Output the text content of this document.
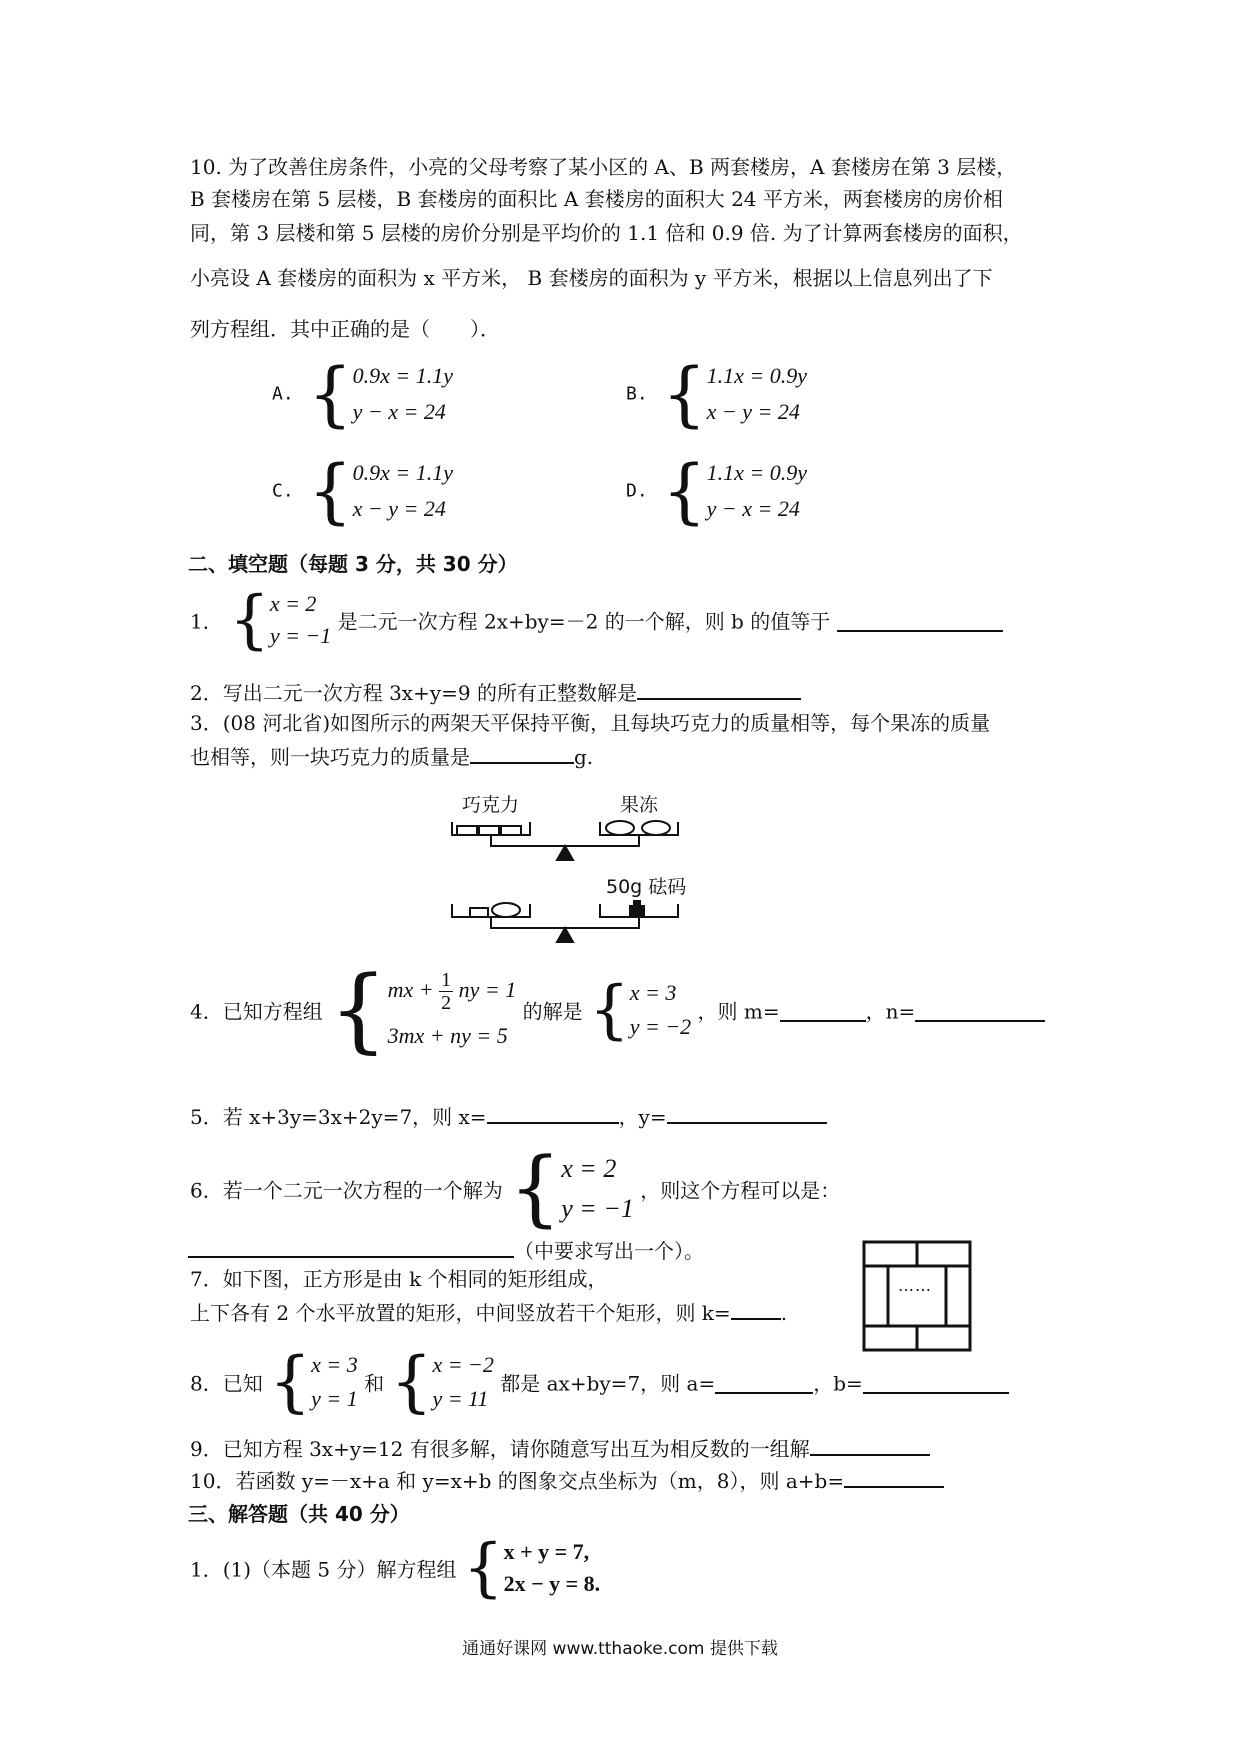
10. 为了改善住房条件，小亮的父母考察了某小区的 A、B 两套楼房，A 套楼房在第 3 层楼，
B 套楼房在第 5 层楼，B 套楼房的面积比 A 套楼房的面积大 24 平方米，两套楼房的房价相
同，第 3 层楼和第 5 层楼的房价分别是平均价的 1.1 倍和 0.9 倍. 为了计算两套楼房的面积，
小亮设 A 套楼房的面积为 x 平方米， B 套楼房的面积为 y 平方米，根据以上信息列出了下
列方程组．其中正确的是（　　）．
A. { 0.9x = 1.1y
y − x = 24
B. { 1.1x = 0.9y
x − y = 24
C. { 0.9x = 1.1y
x − y = 24
D. { 1.1x = 0.9y
y − x = 24
二、填空题（每题 3 分，共 30 分）
1． { x = 2
y = −1
是二元一次方程 2x+by=－2 的一个解，则 b 的值等于
2．写出二元一次方程 3x+y=9 的所有正整数解是
3．(08 河北省)如图所示的两架天平保持平衡，且每块巧克力的质量相等，每个果冻的质量
也相等，则一块巧克力的质量是	g.
巧克力	果冻
50g 砝码
4．已知方程组 { mx + $\frac{1}{2}$ ny = 1
3mx + ny = 5
的解是 { x = 3
y = −2
，则 m=	，n=
5．若 x+3y=3x+2y=7，则 x=	，y=
6．若一个二元一次方程的一个解为 { x = 2
y = −1
，则这个方程可以是：
（中要求写出一个）。
7．如下图，正方形是由 k 个相同的矩形组成，
上下各有 2 个水平放置的矩形，中间竖放若干个矩形，则 k=	.
……
8．已知 { x = 3
y = 1
和 { x = −2
y = 11
都是 ax+by=7，则 a=	，b=
9．已知方程 3x+y=12 有很多解，请你随意写出互为相反数的一组解
10．若函数 y=－x+a 和 y=x+b 的图象交点坐标为（m，8），则 a+b=
三、解答题（共 40 分）
1．(1)（本题 5 分）解方程组 { x + y = 7,
2x − y = 8.
通通好课网 www.tthaoke.com 提供下载
